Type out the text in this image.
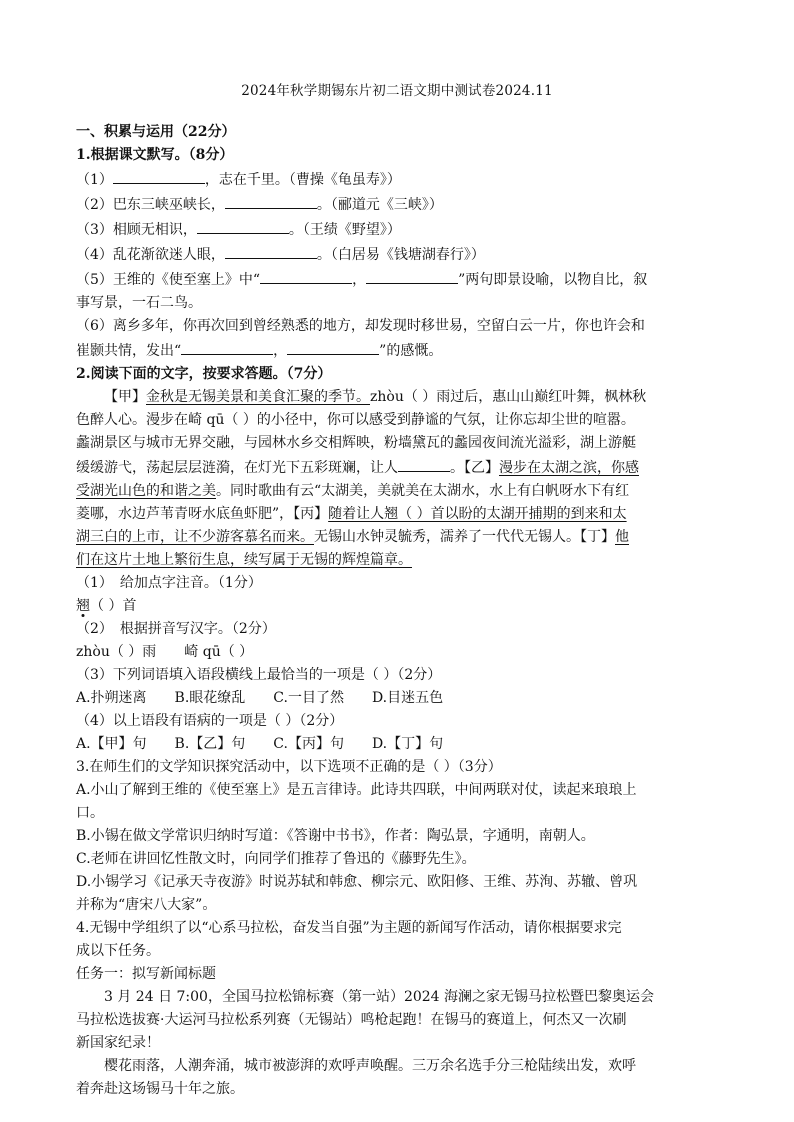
2024年秋学期锡东片初二语文期中测试卷2024.11

一、积累与运用（22分）

1.根据课文默写。（8分）

（1）	，志在千里。（曹操《龟虽寿》）

（2）巴东三峡巫峡长，	。（郦道元《三峡》）

（3）相顾无相识，	。（王绩《野望》）

（4）乱花渐欲迷人眼，	。（白居易《钱塘湖春行》）

（5）王维的《使至塞上》中“	，	”两句即景设喻，以物自比，叙

事写景，一石二鸟。

（6）离乡多年，你再次回到曾经熟悉的地方，却发现时移世易，空留白云一片，你也许会和

崔颢共情，发出“	，	”的感慨。

2.阅读下面的文字，按要求答题。（7分）

【甲】金秋是无锡美景和美食汇聚的季节。zhòu（ ）雨过后，惠山山巅红叶舞，枫林秋

色醉人心。漫步在崎 qū（ ）的小径中，你可以感受到静谧的气氛，让你忘却尘世的喧嚣。

蠡湖景区与城市无界交融，与园林水乡交相辉映，粉墙黛瓦的蠡园夜间流光溢彩，湖上游艇

缓缓游弋，荡起层层涟漪，在灯光下五彩斑斓，让人	。【乙】漫步在太湖之滨，你感

受湖光山色的和谐之美。同时歌曲有云“太湖美，美就美在太湖水，水上有白帆呀水下有红

菱哪，水边芦苇青呀水底鱼虾肥”，【丙】随着让人翘（ ）首以盼的太湖开捕期的到来和太

湖三白的上市，让不少游客慕名而来。无锡山水钟灵毓秀，濡养了一代代无锡人。【丁】他

们在这片土地上繁衍生息，续写属于无锡的辉煌篇章。

（1）　给加点字注音。（1分）

翘（ ）首

（2）　根据拼音写汉字。（2分）

zhòu（ ）雨　　崎 qū（ ）

（3）下列词语填入语段横线上最恰当的一项是（ ）（2分）

A.扑朔迷离　　B.眼花缭乱　　C.一目了然　　D.目迷五色

（4）以上语段有语病的一项是（ ）（2分）

A.【甲】句　　B.【乙】句　　C.【丙】句　　D.【丁】句

3.在师生们的文学知识探究活动中，以下选项不正确的是（ ）（3分）

A.小山了解到王维的《使至塞上》是五言律诗。此诗共四联，中间两联对仗，读起来琅琅上

口。

B.小锡在做文学常识归纳时写道：《答谢中书书》，作者：陶弘景，字通明，南朝人。

C.老师在讲回忆性散文时，向同学们推荐了鲁迅的《藤野先生》。

D.小锡学习《记承天寺夜游》时说苏轼和韩愈、柳宗元、欧阳修、王维、苏洵、苏辙、曾巩

并称为“唐宋八大家”。

4.无锡中学组织了以“心系马拉松，奋发当自强”为主题的新闻写作活动，请你根据要求完

成以下任务。

任务一：拟写新闻标题

3 月 24 日 7:00，全国马拉松锦标赛（第一站）2024 海澜之家无锡马拉松暨巴黎奥运会

马拉松选拔赛·大运河马拉松系列赛（无锡站）鸣枪起跑！在锡马的赛道上，何杰又一次刷

新国家纪录！

樱花雨落，人潮奔涌，城市被澎湃的欢呼声唤醒。三万余名选手分三枪陆续出发，欢呼

着奔赴这场锡马十年之旅。
